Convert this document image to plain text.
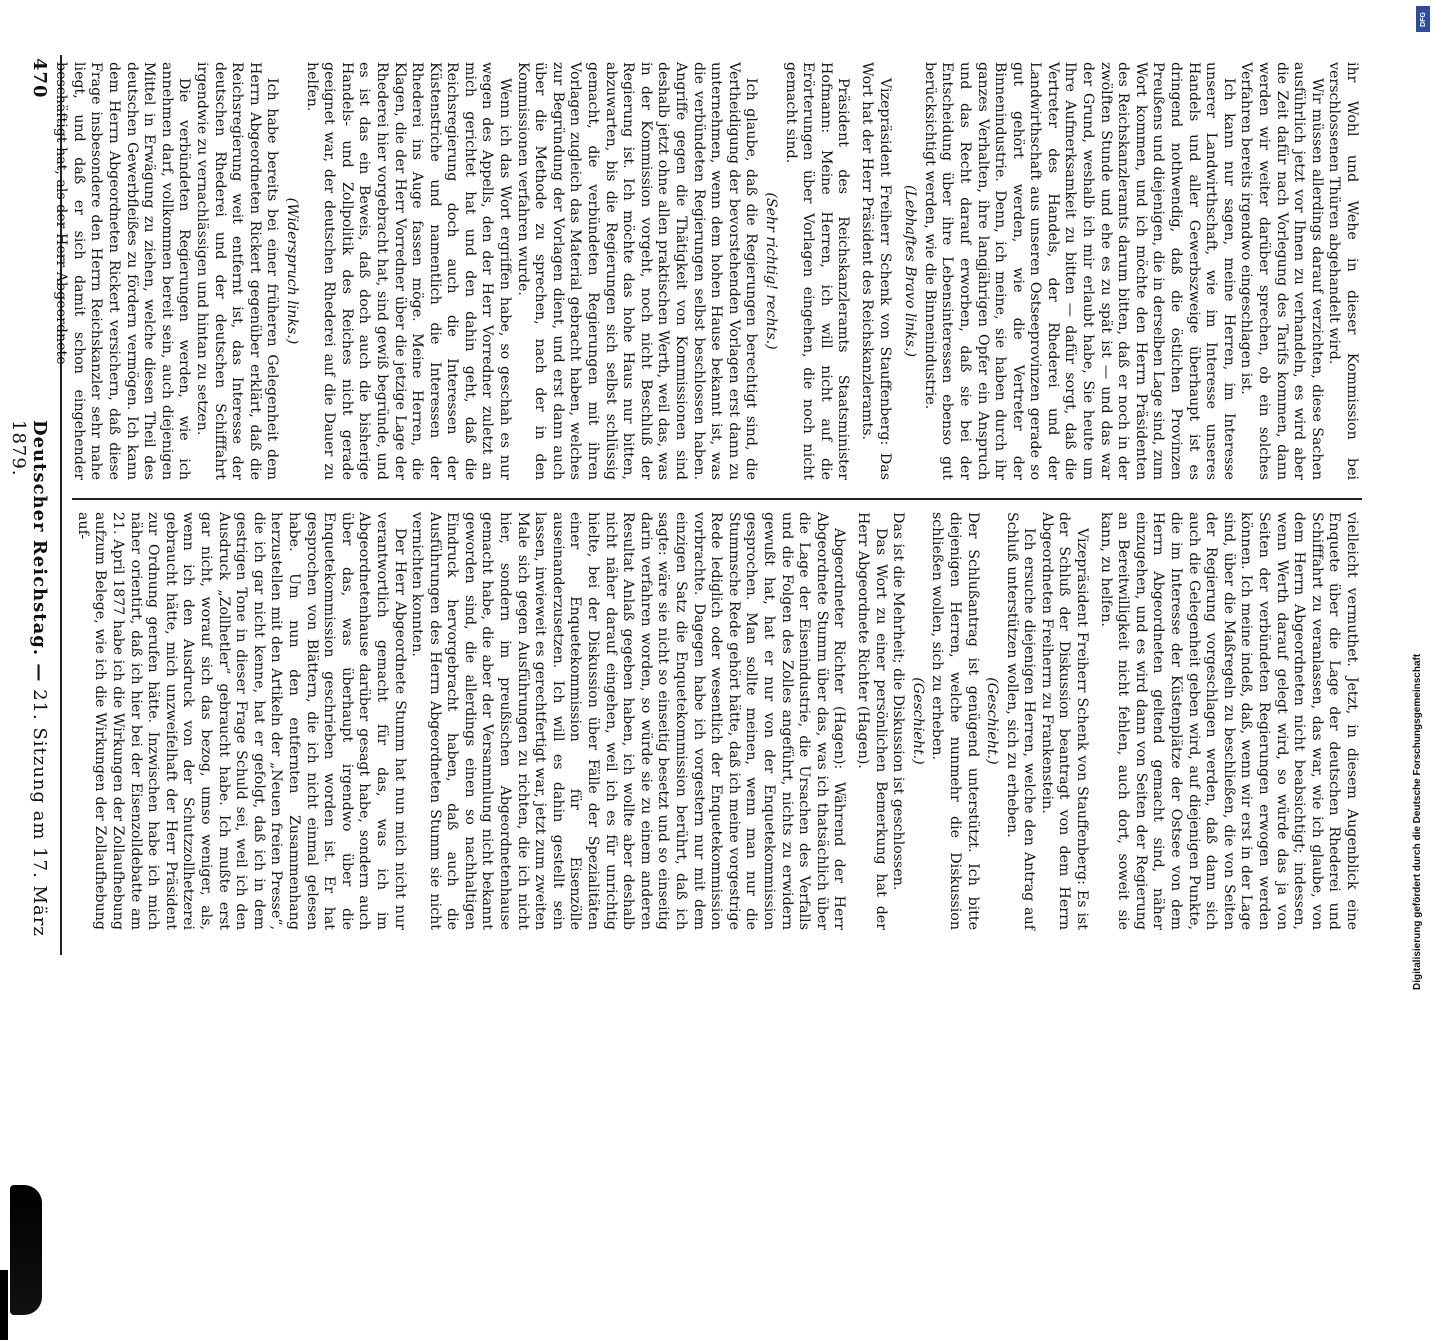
470
Deutscher Reichstag. — 21. Sitzung am 17. März 1879.	ihr Wohl und Wehe in dieser Kommission bei verschlossenen Thüren abgehandelt wird.

Wir müssen allerdings darauf verzichten, diese Sachen ausführlich jetzt vor Ihnen zu verhandeln, es wird aber die Zeit dafür nach Vorlegung des Tarifs kommen, dann werden wir weiter darüber sprechen, ob ein solches Verfahren bereits irgendwo eingeschlagen ist.

Ich kann nur sagen, meine Herren, im Interesse unserer Landwirthschaft, wie im Interesse unseres Handels und aller Gewerbszweige überhaupt ist es dringend nothwendig, daß die östlichen Provinzen Preußens und diejenigen, die in derselben Lage sind, zum Wort kommen, und ich möchte den Herrn Präsidenten des Reichskanzleramts darum bitten, daß er noch in der zwölften Stunde und ehe es zu spät ist — und das war der Grund, weshalb ich mir erlaubt habe, Sie heute um Ihre Aufmerksamkeit zu bitten — dafür sorgt, daß die Vertreter des Handels, der Rhederei und der Landwirthschaft aus unseren Ostseeprovinzen gerade so gut gehört werden, wie die Vertreter der Binnenindustrie. Denn, ich meine, sie haben durch ihr ganzes Verhalten, ihre langjährigen Opfer ein Anspruch und das Recht darauf erworben, daß sie bei der Entscheidung über ihre Lebensinteressen ebenso gut berücksichtigt werden, wie die Binnenindustrie.

(Lebhaftes Bravo links.)

Vizepräsident Freiherr Schenk von Stauffenberg: Das Wort hat der Herr Präsident des Reichskanzleramts.

Präsident des Reichskanzleramts Staatsminister Hofmann: Meine Herren, ich will nicht auf die Erörterungen über Vorlagen eingehen, die noch nicht gemacht sind.

(Sehr richtig! rechts.)

Ich glaube, daß die Regierungen berechtigt sind, die Vertheidigung der bevorstehenden Vorlagen erst dann zu unternehmen, wenn dem hohen Hause bekannt ist, was die verbündeten Regierungen selbst beschlossen haben. Angriffe gegen die Thätigkeit von Kommissionen sind deshalb jetzt ohne allen praktischen Werth, weil das, was in der Kommission vorgeht, noch nicht Beschluß der Regierung ist. Ich möchte das hohe Haus nur bitten, abzuwarten, bis die Regierungen sich selbst schlüssig gemacht, die verbündeten Regierungen mit ihren Vorlagen zugleich das Material gebracht haben, welches zur Begründung der Vorlagen dient, und erst dann auch über die Methode zu sprechen, nach der in den Kommissionen verfahren wurde.

Wenn ich das Wort ergriffen habe, so geschah es nur wegen des Appells, den der Herr Vorredner zuletzt an mich gerichtet hat und den dahin geht, daß die Reichsregierung doch auch die Interessen der Küstenstriche und namentlich die Interessen der Rhederei ins Auge fassen möge. Meine Herren, die Klagen, die der Herr Vorredner über die jetzige Lage der Rhederei hier vorgebracht hat, sind gewiß begründe, und es ist das ein Beweis, daß doch auch die bisherige Handels- und Zollpolitik des Reiches nicht gerade geeignet war, der deutschen Rhederei auf die Dauer zu helfen.

(Widerspruch links.)

Ich habe bereits bei einer früheren Gelegenheit dem Herrn Abgeordneten Rickert gegenüber erklärt, daß die Reichsregierung weit entfernt ist, das Interesse der deutschen Rhederei und der deutschen Schifffahrt irgendwie zu vernachlässigen und hintan zu setzen.

Die verbündeten Regierungen werden, wie ich annehmen darf, vollkommen bereit sein, auch diejenigen Mittel in Erwägung zu ziehen, welche diesen Theil des deutschen Gewerbfleißes zu fördern vermögen. Ich kann dem Herrn Abgeordneten Rickert versichern, daß diese Frage insbesondere den Herrn Reichskanzler sehr nahe liegt, und daß er sich damit schon eingehender beschäftigt hat, als der Herr Abgeordnete

vielleicht vermuthet. Jetzt, in diesem Augenblick eine Enquete über die Lage der deutschen Rhederei und Schifffahrt zu veranlassen, das war, wie ich glaube, von dem Herrn Abgeordneten nicht beabsichtigt; indessen, wenn Werth darauf gelegt wird, so würde das ja von Seiten der verbündeten Regierungen erwogen werden können. Ich meine indeß, daß, wenn wir erst in der Lage sind, über die Maßregeln zu beschließen, die von Seiten der Regierung vorgeschlagen werden, daß dann sich auch die Gelegenheit geben wird, auf diejenigen Punkte, die im Interesse der Küstenplätze der Ostsee von dem Herrn Abgeordneten geltend gemacht sind, näher einzugehen, und es wird dann von Seiten der Regierung an Bereitwilligkeit nicht fehlen, auch dort, soweit sie kann, zu helfen.

Vizepräsident Freiherr Schenk von Stauffenberg: Es ist der Schluß der Diskussion beantragt von dem Herrn Abgeordneten Freiherrn zu Frankenstein.

Ich ersuche diejenigen Herren, welche den Antrag auf Schluß unterstützen wollen, sich zu erheben.

(Geschieht.)

Der Schlußantrag ist genügend unterstützt. Ich bitte diejenigen Herren, welche nunmehr die Diskussion schließen wollen, sich zu erheben.

(Geschieht.)

Das ist die Mehrheit; die Diskussion ist geschlossen.

Das Wort zu einer persönlichen Bemerkung hat der Herr Abgeordnete Richter (Hagen).

Abgeordneter Richter (Hagen): Während der Herr Abgeordnete Stumm über das, was ich thatsächlich über die Lage der Eisenindustrie, die Ursachen des Verfalls und die Folgen des Zolles angeführt, nichts zu erwidern gewußt hat, hat er nur von der Enquetekommission gesprochen. Man sollte meinen, wenn man nur die Stummsche Rede gehört hätte, daß ich meine vorgestrige Rede lediglich oder wesentlich der Enquetekommission vorbrachte. Dagegen habe ich vorgestern nur mit dem einzigen Satz die Enquetekommission berührt, daß ich sagte: wäre sie nicht so einseitig besetzt und so einseitig darin verfahren worden, so würde sie zu einem anderen Resultat Anlaß gegeben haben, ich wollte aber deshalb nicht näher darauf eingehen, weil ich es für unrichtig hielte, bei der Diskussion über Fälle der Spezialitäten einer Enquetekommission für Eisenzölle auseinanderzusetzen. Ich will es dahin gestellt sein lassen, inwieweit es gerechtfertigt war, jetzt zum zweiten Male sich gegen Ausführungen zu richten, die ich nicht hier, sondern im preußischen Abgeordnetenhause gemacht habe, die aber der Versammlung nicht bekannt geworden sind, die allerdings einen so nachhaltigen Eindruck hervorgebracht haben, daß auch die Ausführungen des Herrn Abgeordneten Stumm sie nicht vernichten konnten.

Der Herr Abgeordnete Stumm hat nun mich nicht nur verantwortlich gemacht für das, was ich im Abgeordnetenhause darüber gesagt habe, sondern auch über das, was überhaupt irgendwo über die Enquetekommission geschrieben worden ist. Er hat gesprochen von Blättern, die ich nicht einmal gelesen habe. Um nun den entfernten Zusammenhang herzustellen mit den Artikeln der „Neuen freien Presse“, die ich gar nicht kenne, hat er gefolgt, daß ich in dem gestrigen Tone in dieser Frage Schuld sei, weil ich den Ausdruck „Zollhetler“ gebraucht habe. Ich mußte erst gar nicht, worauf sich das bezog, umso weniger, als, wenn ich den Ausdruck von der Schutzzollhetzerei gebraucht hätte, mich unzweifelhaft der Herr Präsident zur Ordnung gerufen hätte. Inzwischen habe ich mich näher orientirt, daß ich hier bei der Eisenzolldebatte am 21. April 1877 habe ich die Wirkungen der Zollaufhebung aufzum Belege, wie ich die Wirkungen der Zollaufhebung auf-

Digitalisierung gefördert durch die Deutsche Forschungsgemeinschaft
DFG
